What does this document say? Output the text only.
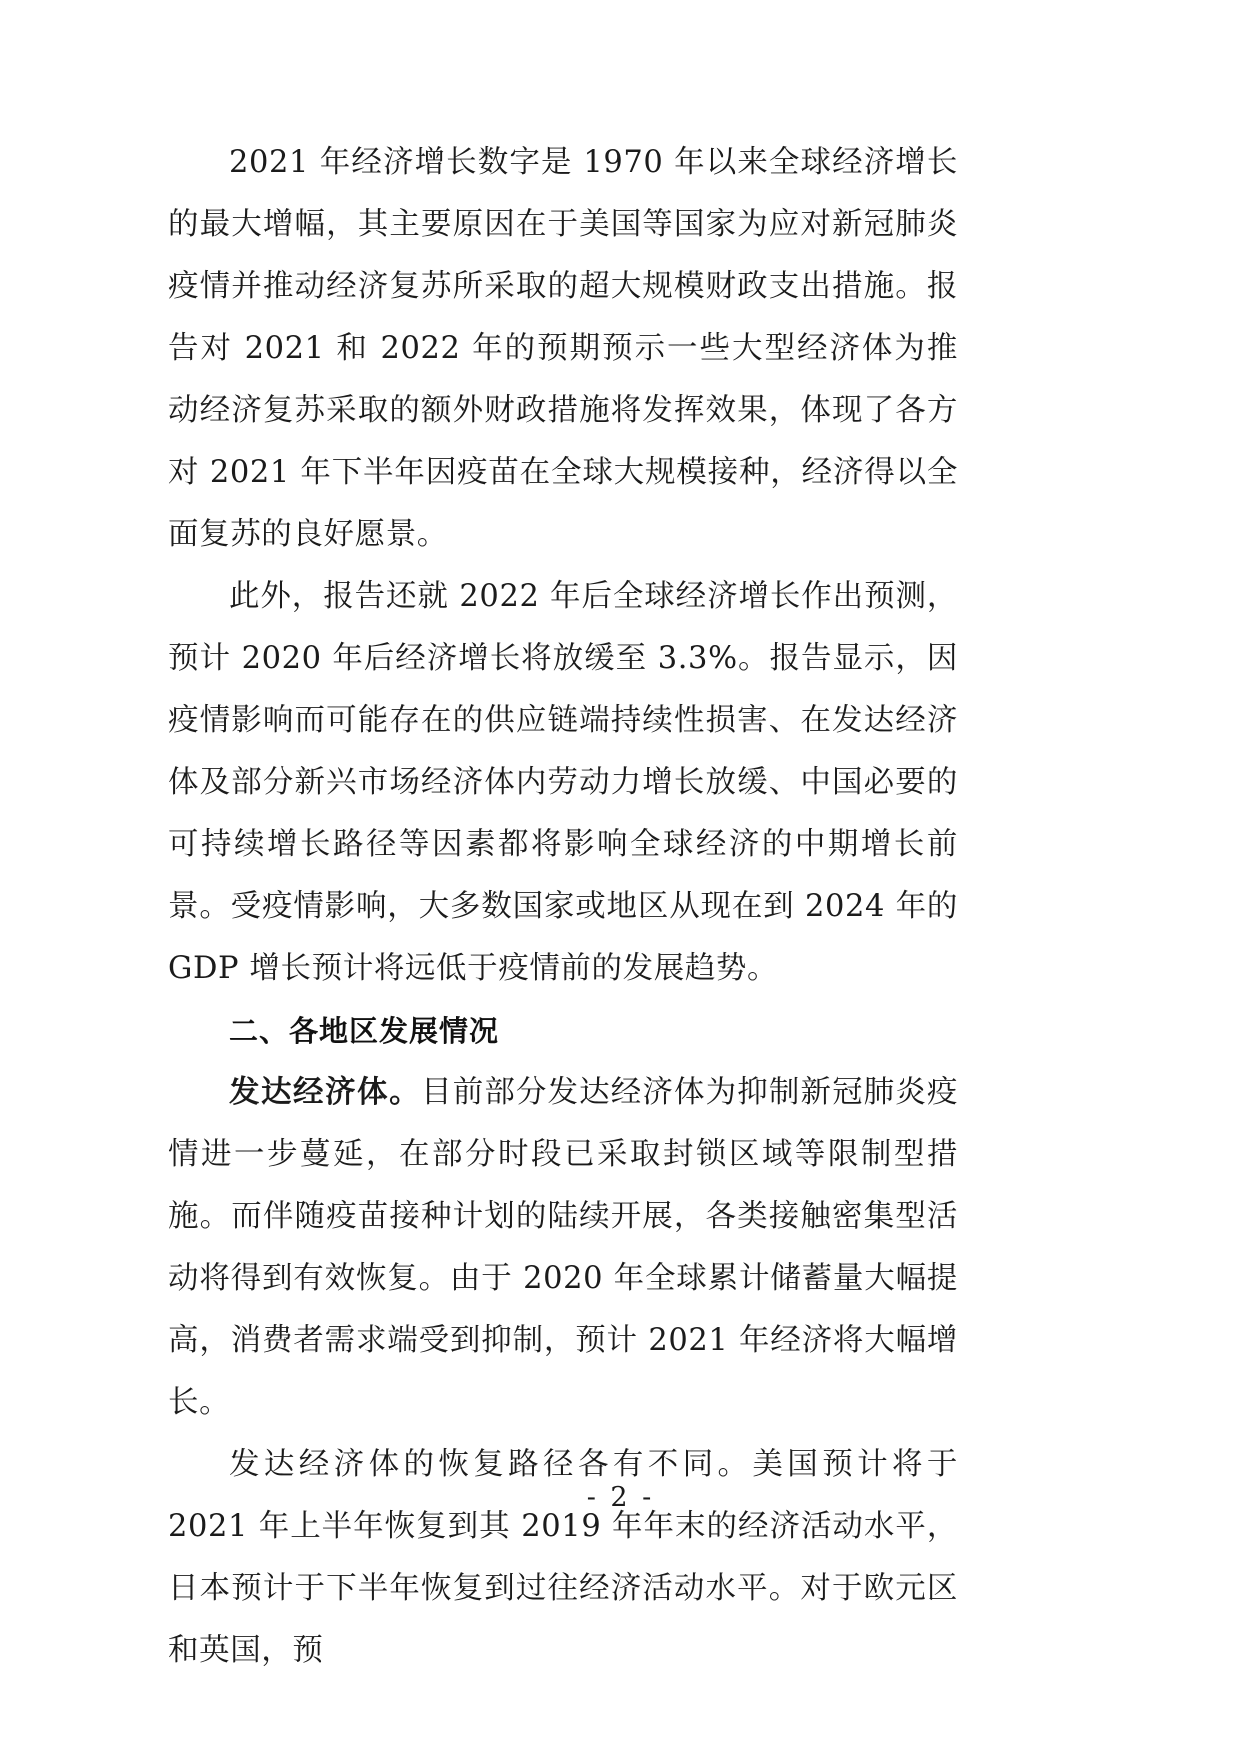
2021 年经济增长数字是 1970 年以来全球经济增长的最大增幅，其主要原因在于美国等国家为应对新冠肺炎疫情并推动经济复苏所采取的超大规模财政支出措施。报告对 2021 和 2022 年的预期预示一些大型经济体为推动经济复苏采取的额外财政措施将发挥效果，体现了各方对 2021 年下半年因疫苗在全球大规模接种，经济得以全面复苏的良好愿景。

此外，报告还就 2022 年后全球经济增长作出预测，预计 2020 年后经济增长将放缓至 3.3%。报告显示，因疫情影响而可能存在的供应链端持续性损害、在发达经济体及部分新兴市场经济体内劳动力增长放缓、中国必要的可持续增长路径等因素都将影响全球经济的中期增长前景。受疫情影响，大多数国家或地区从现在到 2024 年的 GDP 增长预计将远低于疫情前的发展趋势。

二、各地区发展情况

发达经济体。目前部分发达经济体为抑制新冠肺炎疫情进一步蔓延，在部分时段已采取封锁区域等限制型措施。而伴随疫苗接种计划的陆续开展，各类接触密集型活动将得到有效恢复。由于 2020 年全球累计储蓄量大幅提高，消费者需求端受到抑制，预计 2021 年经济将大幅增长。

发达经济体的恢复路径各有不同。美国预计将于 2021 年上半年恢复到其 2019 年年末的经济活动水平，日本预计于下半年恢复到过往经济活动水平。对于欧元区和英国，预

- 2 -
